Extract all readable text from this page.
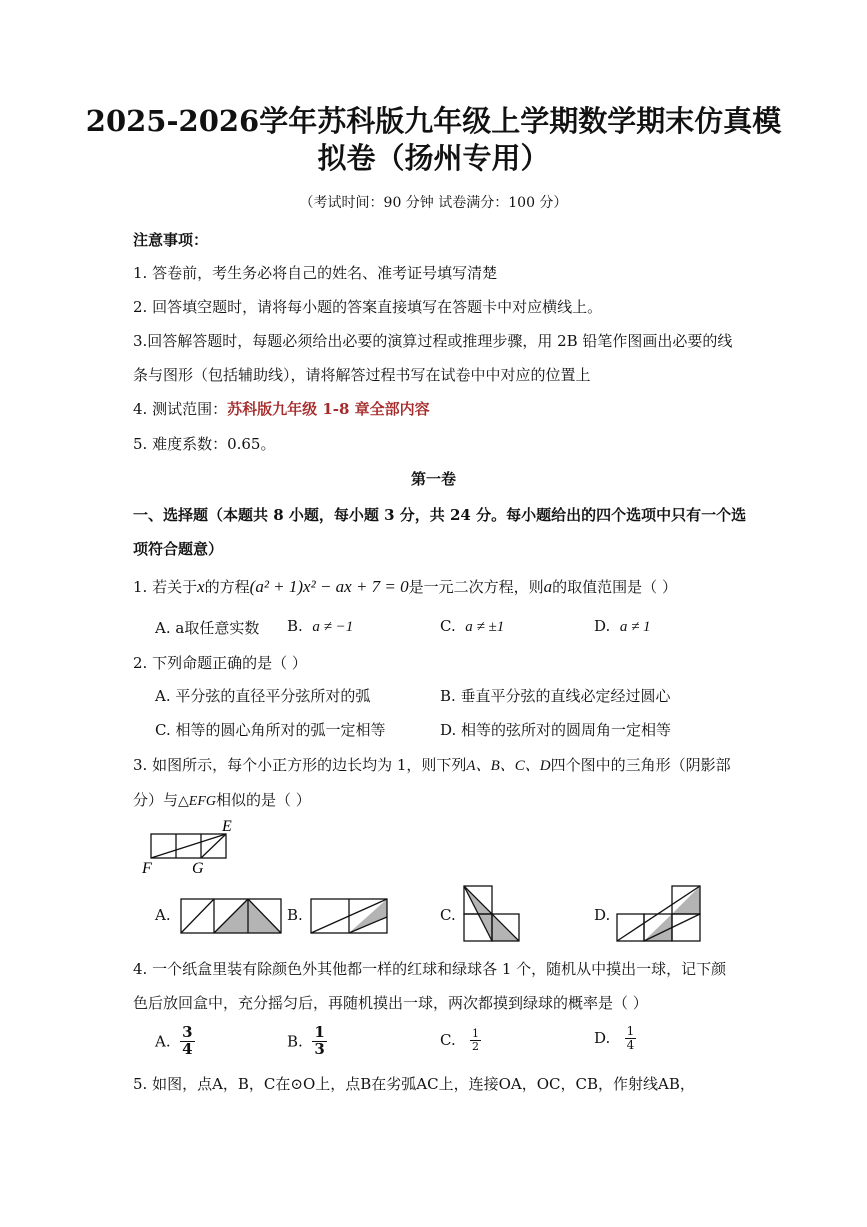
2025-2026学年苏科版九年级上学期数学期末仿真模
拟卷（扬州专用）
（考试时间：90 分钟 试卷满分：100 分）
注意事项：
1. 答卷前，考生务必将自己的姓名、准考证号填写清楚
2. 回答填空题时，请将每小题的答案直接填写在答题卡中对应横线上。
3.回答解答题时，每题必须给出必要的演算过程或推理步骤，用 2B 铅笔作图画出必要的线
条与图形（包括辅助线），请将解答过程书写在试卷中中对应的位置上
4. 测试范围：苏科版九年级 1-8 章全部内容
5. 难度系数：0.65。
第一卷
一、选择题（本题共 8 小题，每小题 3 分，共 24 分。每小题给出的四个选项中只有一个选
项符合题意）
1. 若关于x的方程(a² + 1)x² − ax + 7 = 0是一元二次方程，则a的取值范围是（ ）
A. a取任意实数 B. a ≠ −1	C. a ≠ ±1	D. a ≠ 1
2. 下列命题正确的是（ ）
A. 平分弦的直径平分弦所对的弧	B. 垂直平分弦的直线必定经过圆心
C. 相等的圆心角所对的弧一定相等	D. 相等的弦所对的圆周角一定相等
3. 如图所示，每个小正方形的边长均为 1，则下列A、B、C、D四个图中的三角形（阴影部
分）与△EFG相似的是（ ）
E
F	G
A.	B.	C.	D.
4. 一个纸盒里装有除颜色外其他都一样的红球和绿球各 1 个，随机从中摸出一球，记下颜
色后放回盒中，充分摇匀后，再随机摸出一球，两次都摸到绿球的概率是（ ）
A. $\frac{3}{4}$	B. $\frac{1}{3}$	C. $\frac{1}{2}$	D. $\frac{1}{4}$
5. 如图，点A，B，C在⊙O上，点B在劣弧AC上，连接OA，OC，CB，作射线AB，
